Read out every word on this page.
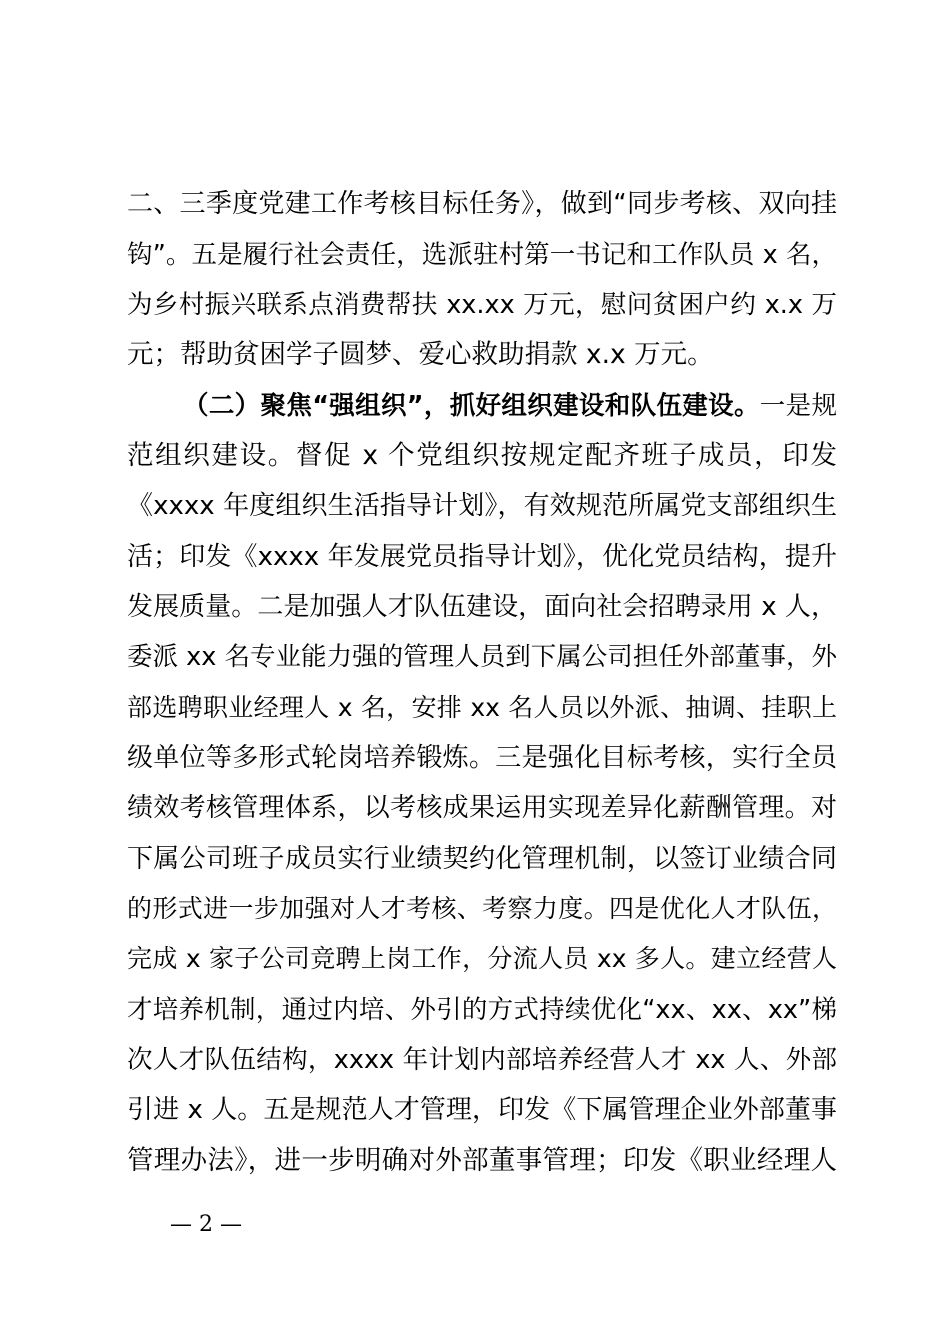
二、三季度党建工作考核目标任务》，做到“同步考核、双向挂
钩”。五是履行社会责任，选派驻村第一书记和工作队员 x 名，
为乡村振兴联系点消费帮扶 xx.xx 万元，慰问贫困户约 x.x 万
元；帮助贫困学子圆梦、爱心救助捐款 x.x 万元。
（二）聚焦“强组织”，抓好组织建设和队伍建设。一是规
范组织建设。督促 x 个党组织按规定配齐班子成员，印发
《xxxx 年度组织生活指导计划》，有效规范所属党支部组织生
活；印发《xxxx 年发展党员指导计划》，优化党员结构，提升
发展质量。二是加强人才队伍建设，面向社会招聘录用 x 人，
委派 xx 名专业能力强的管理人员到下属公司担任外部董事，外
部选聘职业经理人 x 名，安排 xx 名人员以外派、抽调、挂职上
级单位等多形式轮岗培养锻炼。三是强化目标考核，实行全员
绩效考核管理体系，以考核成果运用实现差异化薪酬管理。对
下属公司班子成员实行业绩契约化管理机制，以签订业绩合同
的形式进一步加强对人才考核、考察力度。四是优化人才队伍，
完成 x 家子公司竞聘上岗工作，分流人员 xx 多人。建立经营人
才培养机制，通过内培、外引的方式持续优化“xx、xx、xx”梯
次人才队伍结构，xxxx 年计划内部培养经营人才 xx 人、外部
引进 x 人。五是规范人才管理，印发《下属管理企业外部董事
管理办法》，进一步明确对外部董事管理；印发《职业经理人
— 2 —
